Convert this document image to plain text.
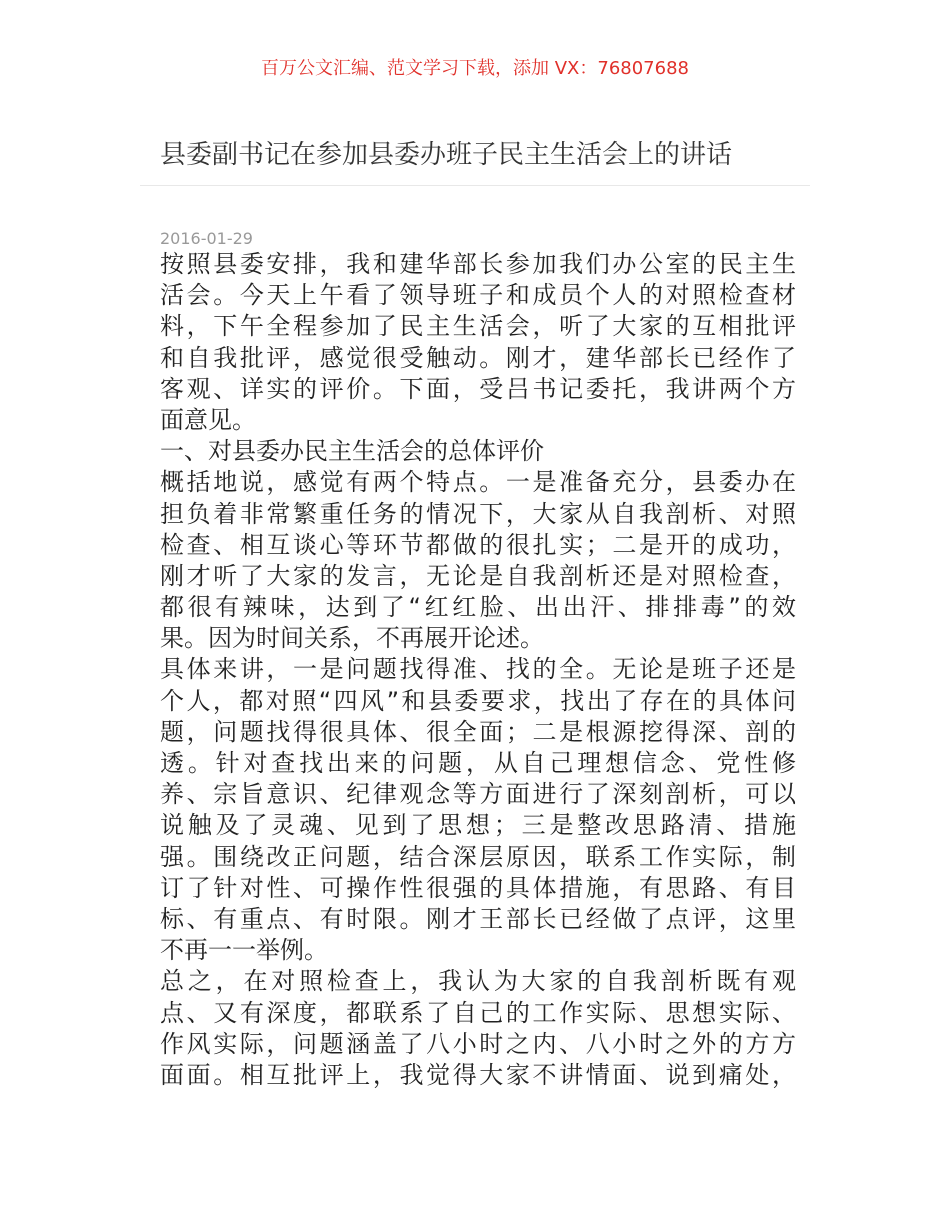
百万公文汇编、范文学习下载，添加 VX：76807688
县委副书记在参加县委办班子民主生活会上的讲话
2016-01-29
按照县委安排，我和建华部长参加我们办公室的民主生
活会。今天上午看了领导班子和成员个人的对照检查材
料，下午全程参加了民主生活会，听了大家的互相批评
和自我批评，感觉很受触动。刚才，建华部长已经作了
客观、详实的评价。下面，受吕书记委托，我讲两个方
面意见。
一、对县委办民主生活会的总体评价
概括地说，感觉有两个特点。一是准备充分，县委办在
担负着非常繁重任务的情况下，大家从自我剖析、对照
检查、相互谈心等环节都做的很扎实；二是开的成功，
刚才听了大家的发言，无论是自我剖析还是对照检查，
都很有辣味，达到了“红红脸、出出汗、排排毒”的效
果。因为时间关系，不再展开论述。
具体来讲，一是问题找得准、找的全。无论是班子还是
个人，都对照“四风”和县委要求，找出了存在的具体问
题，问题找得很具体、很全面；二是根源挖得深、剖的
透。针对查找出来的问题，从自己理想信念、党性修
养、宗旨意识、纪律观念等方面进行了深刻剖析，可以
说触及了灵魂、见到了思想；三是整改思路清、措施
强。围绕改正问题，结合深层原因，联系工作实际，制
订了针对性、可操作性很强的具体措施，有思路、有目
标、有重点、有时限。刚才王部长已经做了点评，这里
不再一一举例。
总之，在对照检查上，我认为大家的自我剖析既有观
点、又有深度，都联系了自己的工作实际、思想实际、
作风实际，问题涵盖了八小时之内、八小时之外的方方
面面。相互批评上，我觉得大家不讲情面、说到痛处，
